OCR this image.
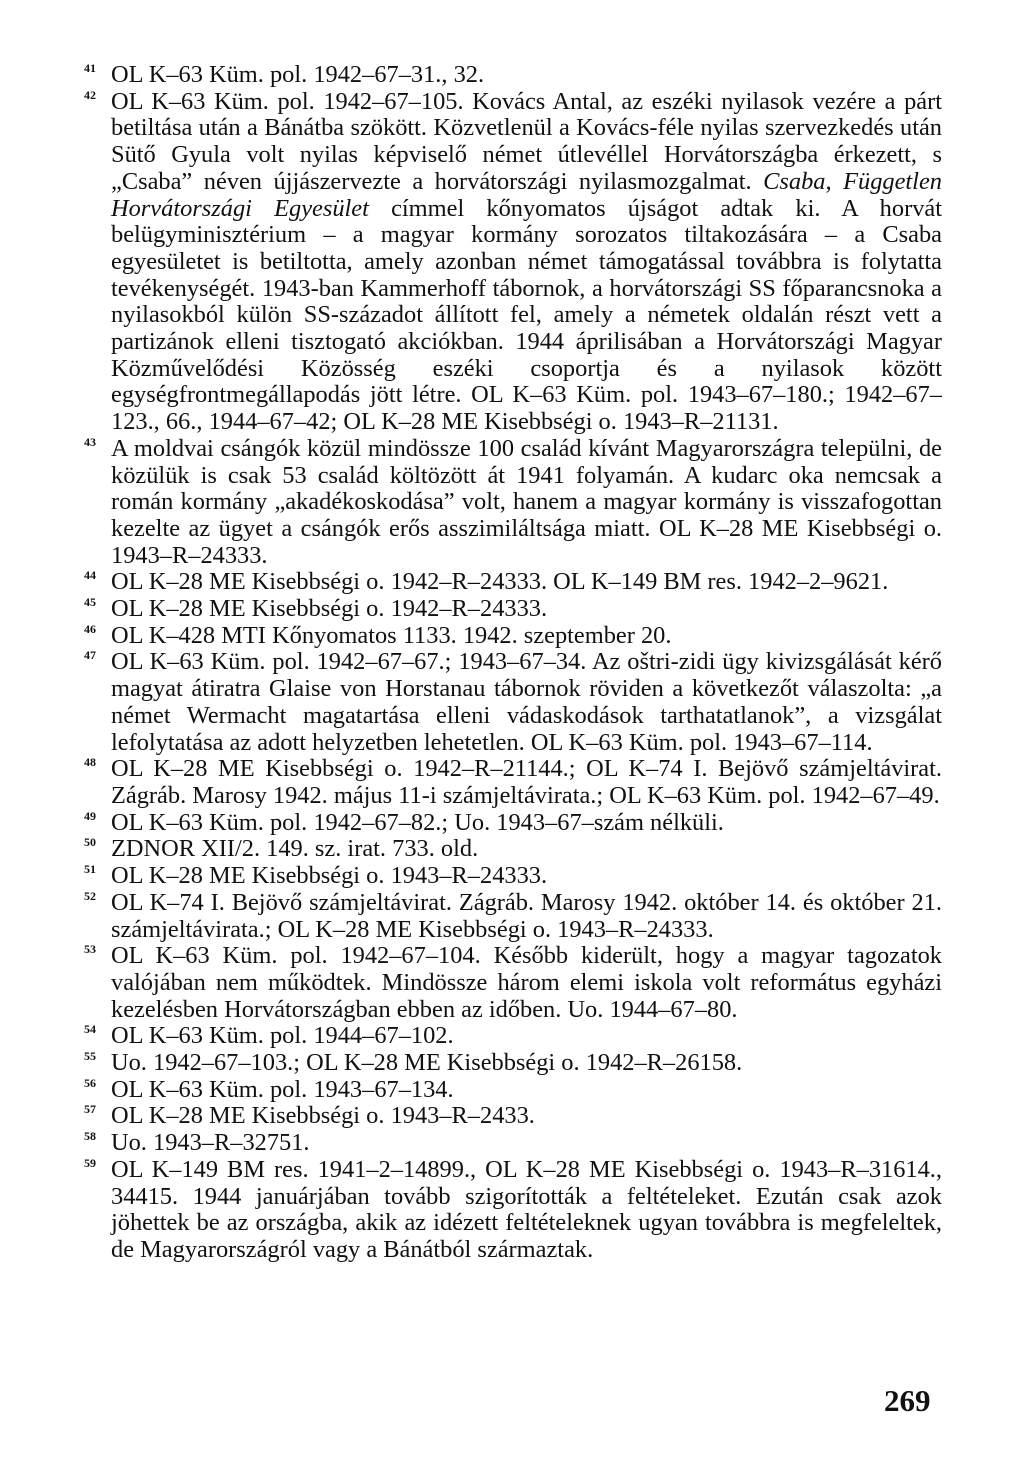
41 OL K–63 Küm. pol. 1942–67–31., 32.

42 OL K–63 Küm. pol. 1942–67–105. Kovács Antal, az eszéki nyilasok vezére a párt betiltása után a Bánátba szökött. Közvetlenül a Kovács-féle nyilas szervezkedés után Sütő Gyula volt nyilas képviselő német útlevéllel Horvátországba érkezett, s „Csaba” néven újjászervezte a horvátországi nyilasmozgalmat. Csaba, Független Horvátországi Egyesület címmel kőnyomatos újságot adtak ki. A horvát belügyminisztérium – a magyar kormány sorozatos tiltakozására – a Csaba egyesületet is betiltotta, amely azonban német támogatással továbbra is folytatta tevékenységét. 1943-ban Kammerhoff tábornok, a horvátországi SS főparancsnoka a nyilasokból külön SS-századot állított fel, amely a németek oldalán részt vett a partizánok elleni tisztogató akciókban. 1944 áprilisában a Horvátországi Magyar Közművelődési Közösség eszéki csoportja és a nyilasok között egységfrontmegállapodás jött létre. OL K–63 Küm. pol. 1943–67–180.; 1942–67–123., 66., 1944–67–42; OL K–28 ME Kisebbségi o. 1943–R–21131.

43 A moldvai csángók közül mindössze 100 család kívánt Magyarországra települni, de közülük is csak 53 család költözött át 1941 folyamán. A kudarc oka nemcsak a román kormány „akadékoskodása” volt, hanem a magyar kormány is visszafogottan kezelte az ügyet a csángók erős asszimiláltsága miatt. OL K–28 ME Kisebbségi o. 1943–R–24333.

44 OL K–28 ME Kisebbségi o. 1942–R–24333. OL K–149 BM res. 1942–2–9621.

45 OL K–28 ME Kisebbségi o. 1942–R–24333.

46 OL K–428 MTI Kőnyomatos 1133. 1942. szeptember 20.

47 OL K–63 Küm. pol. 1942–67–67.; 1943–67–34. Az oštri-zidi ügy kivizsgálását kérő magyat átiratra Glaise von Horstanau tábornok röviden a következőt válaszolta: „a német Wermacht magatartása elleni vádaskodások tarthatatlanok”, a vizsgálat lefolytatása az adott helyzetben lehetetlen. OL K–63 Küm. pol. 1943–67–114.

48 OL K–28 ME Kisebbségi o. 1942–R–21144.; OL K–74 I. Bejövő számjeltávirat. Zágráb. Marosy 1942. május 11-i számjeltávirata.; OL K–63 Küm. pol. 1942–67–49.

49 OL K–63 Küm. pol. 1942–67–82.; Uo. 1943–67–szám nélküli.

50 ZDNOR XII/2. 149. sz. irat. 733. old.

51 OL K–28 ME Kisebbségi o. 1943–R–24333.

52 OL K–74 I. Bejövő számjeltávirat. Zágráb. Marosy 1942. október 14. és október 21. számjeltávirata.; OL K–28 ME Kisebbségi o. 1943–R–24333.

53 OL K–63 Küm. pol. 1942–67–104. Később kiderült, hogy a magyar tagozatok valójában nem működtek. Mindössze három elemi iskola volt református egyházi kezelésben Horvátországban ebben az időben. Uo. 1944–67–80.

54 OL K–63 Küm. pol. 1944–67–102.

55 Uo. 1942–67–103.; OL K–28 ME Kisebbségi o. 1942–R–26158.

56 OL K–63 Küm. pol. 1943–67–134.

57 OL K–28 ME Kisebbségi o. 1943–R–2433.

58 Uo. 1943–R–32751.

59 OL K–149 BM res. 1941–2–14899., OL K–28 ME Kisebbségi o. 1943–R–31614., 34415. 1944 januárjában tovább szigorították a feltételeket. Ezután csak azok jöhettek be az országba, akik az idézett feltételeknek ugyan továbbra is megfeleltek, de Magyarországról vagy a Bánátból származtak.

269
